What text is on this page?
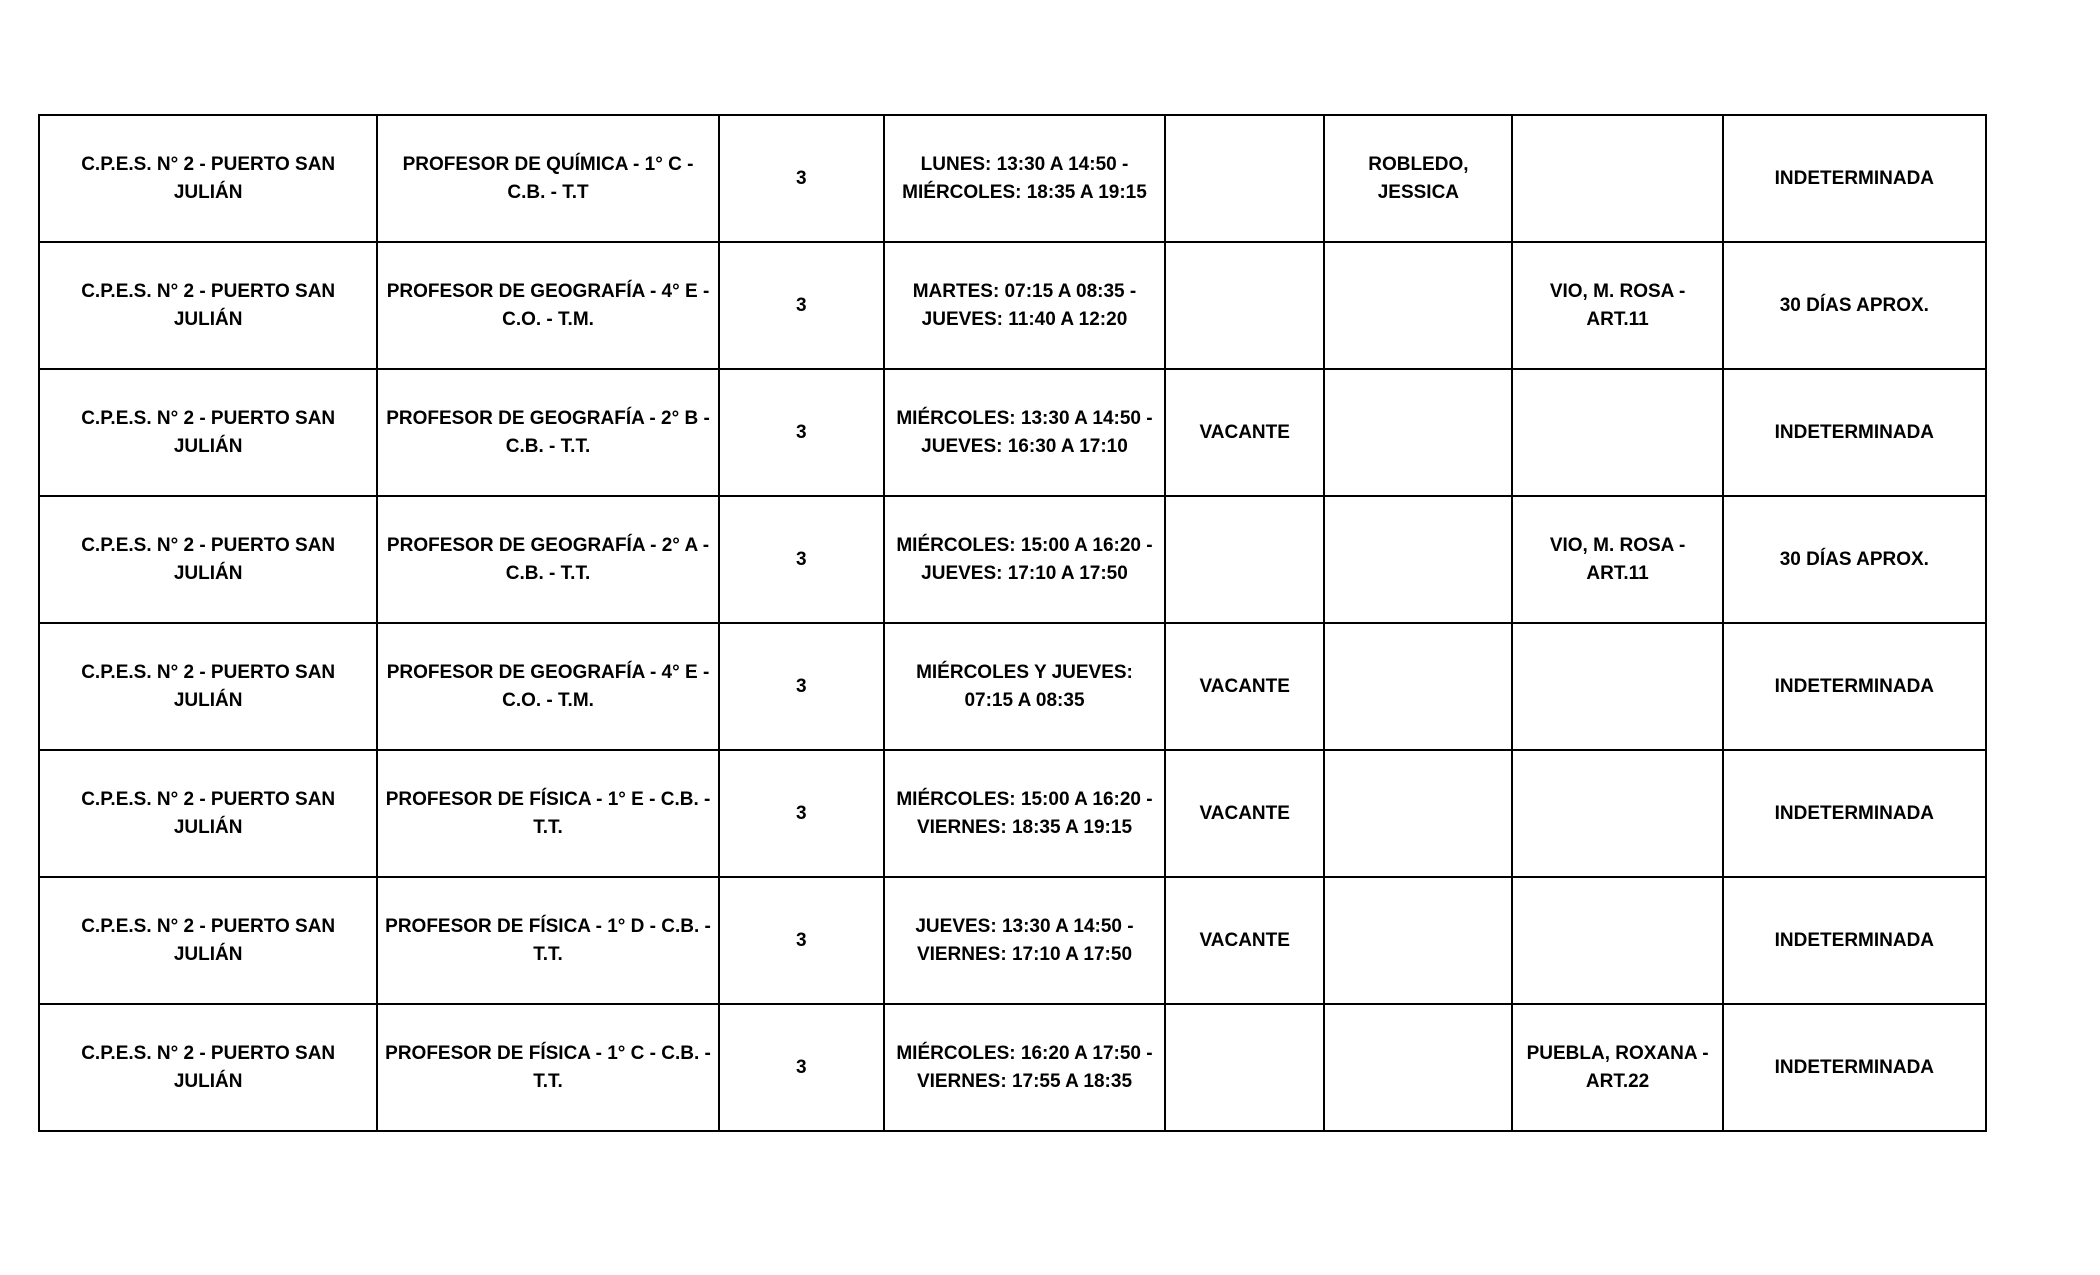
C.P.E.S. N° 2 - PUERTO SAN JULIÁN	PROFESOR DE QUÍMICA - 1° C - C.B. - T.T	3	LUNES: 13:30 A 14:50 - MIÉRCOLES: 18:35 A 19:15		ROBLEDO, JESSICA		INDETERMINADA
C.P.E.S. N° 2 - PUERTO SAN JULIÁN	PROFESOR DE GEOGRAFÍA - 4° E - C.O. - T.M.	3	MARTES: 07:15 A 08:35 - JUEVES: 11:40 A 12:20			VIO, M. ROSA - ART.11	30 DÍAS APROX.
C.P.E.S. N° 2 - PUERTO SAN JULIÁN	PROFESOR DE GEOGRAFÍA - 2° B - C.B. - T.T.	3	MIÉRCOLES: 13:30 A 14:50 - JUEVES: 16:30 A 17:10	VACANTE			INDETERMINADA
C.P.E.S. N° 2 - PUERTO SAN JULIÁN	PROFESOR DE GEOGRAFÍA - 2° A - C.B. - T.T.	3	MIÉRCOLES: 15:00 A 16:20 - JUEVES: 17:10 A 17:50			VIO, M. ROSA - ART.11	30 DÍAS APROX.
C.P.E.S. N° 2 - PUERTO SAN JULIÁN	PROFESOR DE GEOGRAFÍA - 4° E - C.O. - T.M.	3	MIÉRCOLES Y JUEVES: 07:15 A 08:35	VACANTE			INDETERMINADA
C.P.E.S. N° 2 - PUERTO SAN JULIÁN	PROFESOR DE FÍSICA - 1° E - C.B. - T.T.	3	MIÉRCOLES: 15:00 A 16:20 - VIERNES: 18:35 A 19:15	VACANTE			INDETERMINADA
C.P.E.S. N° 2 - PUERTO SAN JULIÁN	PROFESOR DE FÍSICA - 1° D - C.B. - T.T.	3	JUEVES: 13:30 A 14:50 - VIERNES: 17:10 A 17:50	VACANTE			INDETERMINADA
C.P.E.S. N° 2 - PUERTO SAN JULIÁN	PROFESOR DE FÍSICA - 1° C - C.B. - T.T.	3	MIÉRCOLES: 16:20 A 17:50 - VIERNES: 17:55 A 18:35			PUEBLA, ROXANA - ART.22	INDETERMINADA
